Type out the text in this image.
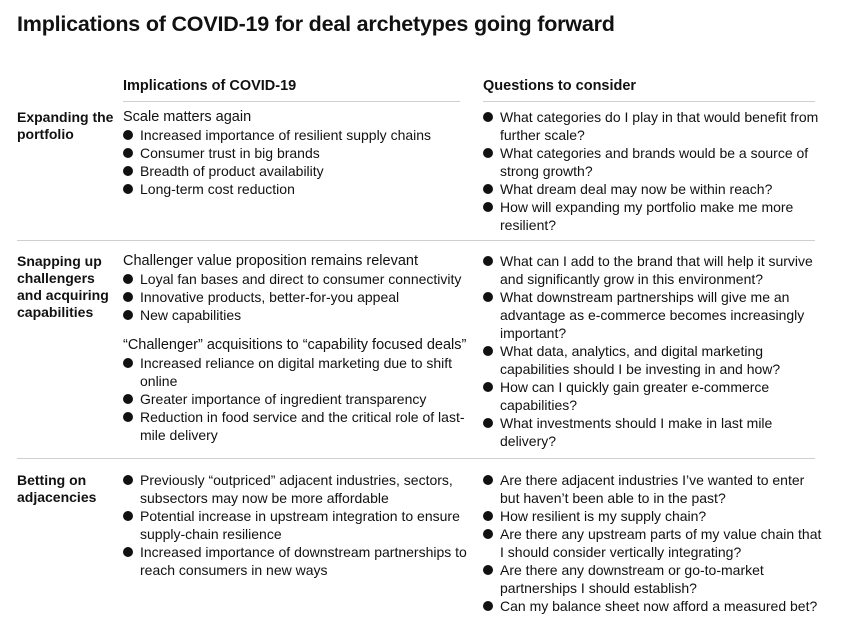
Implications of COVID-19 for deal archetypes going forward
Implications of COVID-19	Questions to consider
Expanding the portfolio
Scale matters again
Increased importance of resilient supply chains
Consumer trust in big brands
Breadth of product availability
Long-term cost reduction
What categories do I play in that would benefit from further scale?
What categories and brands would be a source of strong growth?
What dream deal may now be within reach?
How will expanding my portfolio make me more resilient?
Snapping up challengers and acquiring capabilities
Challenger value proposition remains relevant
Loyal fan bases and direct to consumer connectivity
Innovative products, better-for-you appeal
New capabilities
“Challenger” acquisitions to “capability focused deals”
Increased reliance on digital marketing due to shift online
Greater importance of ingredient transparency
Reduction in food service and the critical role of last-mile delivery
What can I add to the brand that will help it survive and significantly grow in this environment?
What downstream partnerships will give me an advantage as e-commerce becomes increasingly important?
What data, analytics, and digital marketing capabilities should I be investing in and how?
How can I quickly gain greater e-commerce capabilities?
What investments should I make in last mile delivery?
Betting on adjacencies
Previously “outpriced” adjacent industries, sectors, subsectors may now be more affordable
Potential increase in upstream integration to ensure supply-chain resilience
Increased importance of downstream partnerships to reach consumers in new ways
Are there adjacent industries I’ve wanted to enter but haven’t been able to in the past?
How resilient is my supply chain?
Are there any upstream parts of my value chain that I should consider vertically integrating?
Are there any downstream or go-to-market partnerships I should establish?
Can my balance sheet now afford a measured bet?
